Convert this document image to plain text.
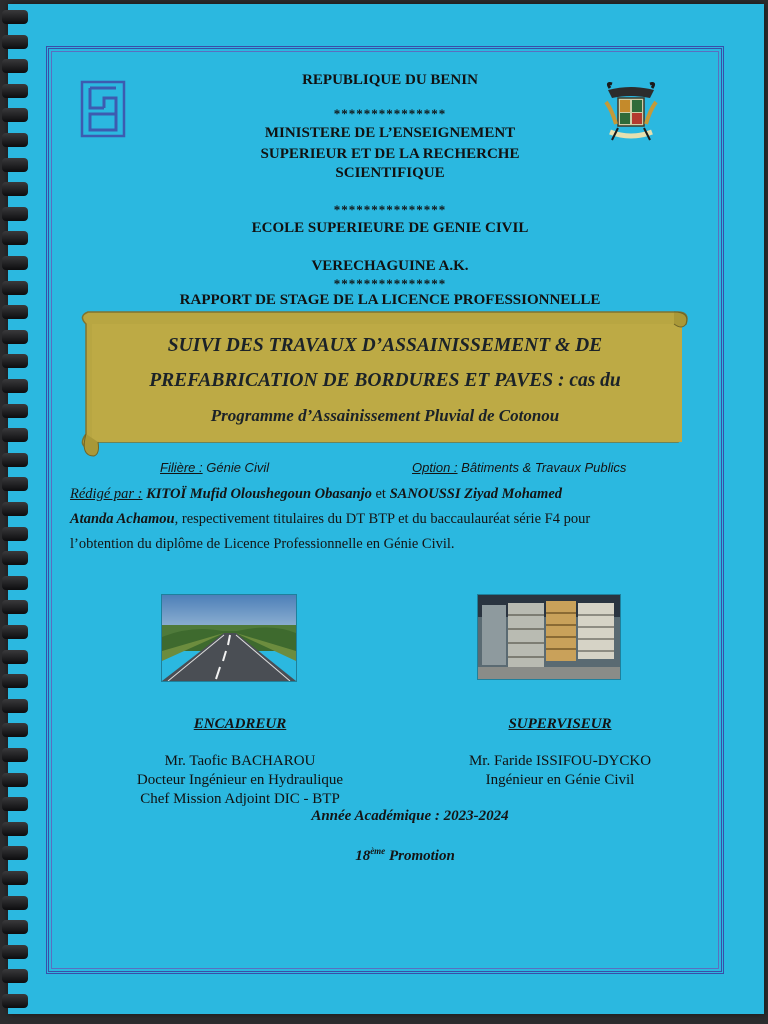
REPUBLIQUE DU BENIN
***************
MINISTERE DE L’ENSEIGNEMENT
SUPERIEUR ET DE LA RECHERCHE
SCIENTIFIQUE
***************
ECOLE SUPERIEURE DE GENIE CIVIL
VERECHAGUINE A.K.
***************
RAPPORT DE STAGE DE LA LICENCE PROFESSIONNELLE
SUIVI DES TRAVAUX D’ASSAINISSEMENT & DE
PREFABRICATION DE BORDURES ET PAVES : cas du
Programme d’Assainissement Pluvial de Cotonou
Filière : Génie Civil	Option : Bâtiments & Travaux Publics
Rédigé par : KITOЇ Mufid Oloushegoun Obasanjo et SANOUSSI Ziyad Mohamed
Atanda Achamou, respectivement titulaires du DT BTP et du baccaulauréat série F4 pour
l’obtention du diplôme de Licence Professionnelle en Génie Civil.
ENCADREUR	SUPERVISEUR
Mr. Taofic BACHAROU
Docteur Ingénieur en Hydraulique
Chef Mission Adjoint DIC - BTP
Mr. Faride ISSIFOU-DYCKO
Ingénieur en Génie Civil
Année Académique : 2023-2024
18ème Promotion
